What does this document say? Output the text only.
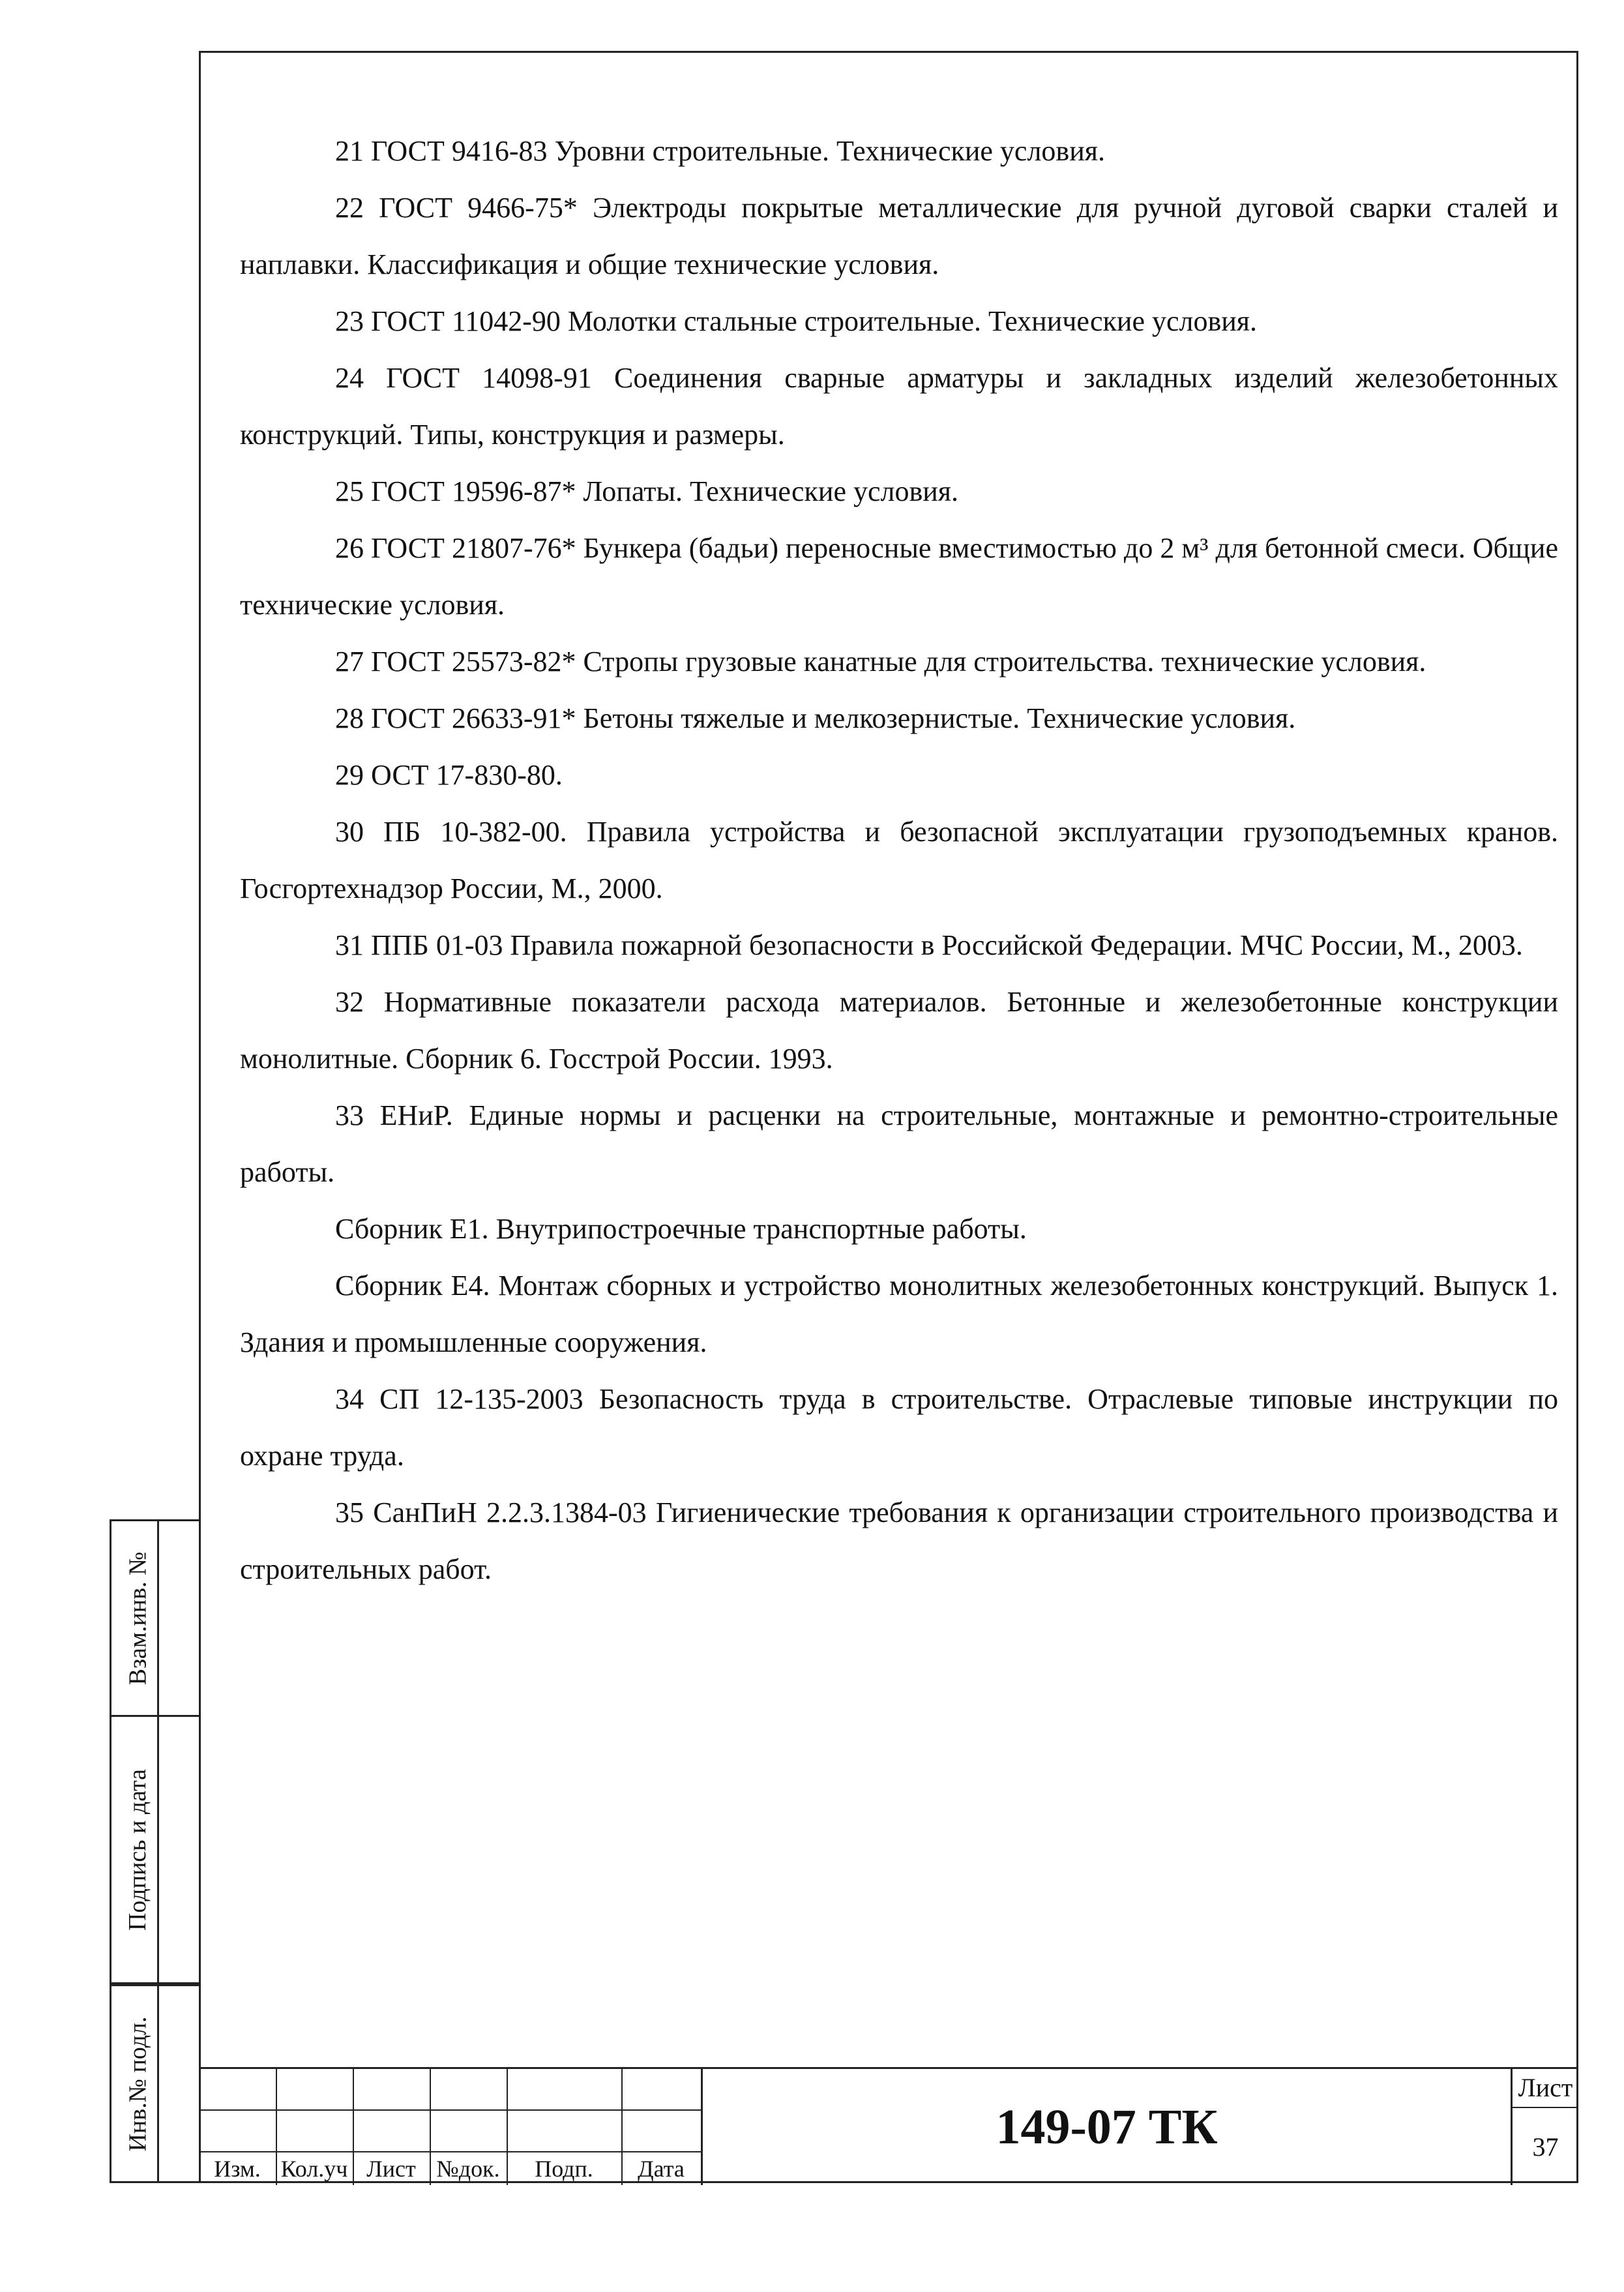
21 ГОСТ 9416-83 Уровни строительные. Технические условия.

22 ГОСТ 9466-75* Электроды покрытые металлические для ручной дуговой сварки сталей и наплавки. Классификация и общие технические условия.

23 ГОСТ 11042-90 Молотки стальные строительные. Технические условия.

24 ГОСТ 14098-91 Соединения сварные арматуры и закладных изделий железобетонных конструкций. Типы, конструкция и размеры.

25 ГОСТ 19596-87* Лопаты. Технические условия.

26 ГОСТ 21807-76* Бункера (бадьи) переносные вместимостью до 2 м³ для бетонной смеси. Общие технические условия.

27 ГОСТ 25573-82* Стропы грузовые канатные для строительства. технические условия.

28 ГОСТ 26633-91* Бетоны тяжелые и мелкозернистые. Технические условия.

29 ОСТ 17-830-80.

30 ПБ 10-382-00. Правила устройства и безопасной эксплуатации грузоподъемных кранов. Госгортехнадзор России, М., 2000.

31 ППБ 01-03 Правила пожарной безопасности в Российской Федерации. МЧС России, М., 2003.

32 Нормативные показатели расхода материалов. Бетонные и железобетонные конструкции монолитные. Сборник 6. Госстрой России. 1993.

33 ЕНиР. Единые нормы и расценки на строительные, монтажные и ремонтно-строительные работы.

Сборник Е1. Внутрипостроечные транспортные работы.

Сборник Е4. Монтаж сборных и устройство монолитных железобетонных конструкций. Выпуск 1. Здания и промышленные сооружения.

34 СП 12-135-2003 Безопасность труда в строительстве. Отраслевые типовые инструкции по охране труда.

35 СанПиН 2.2.3.1384-03 Гигиенические требования к организации строительного производства и строительных работ.

Взам.инв. №
Подпись и дата
Инв.№ подл.
Изм. Кол.уч Лист №док.	Подп.	Дата
149-07 ТК
Лист
37
